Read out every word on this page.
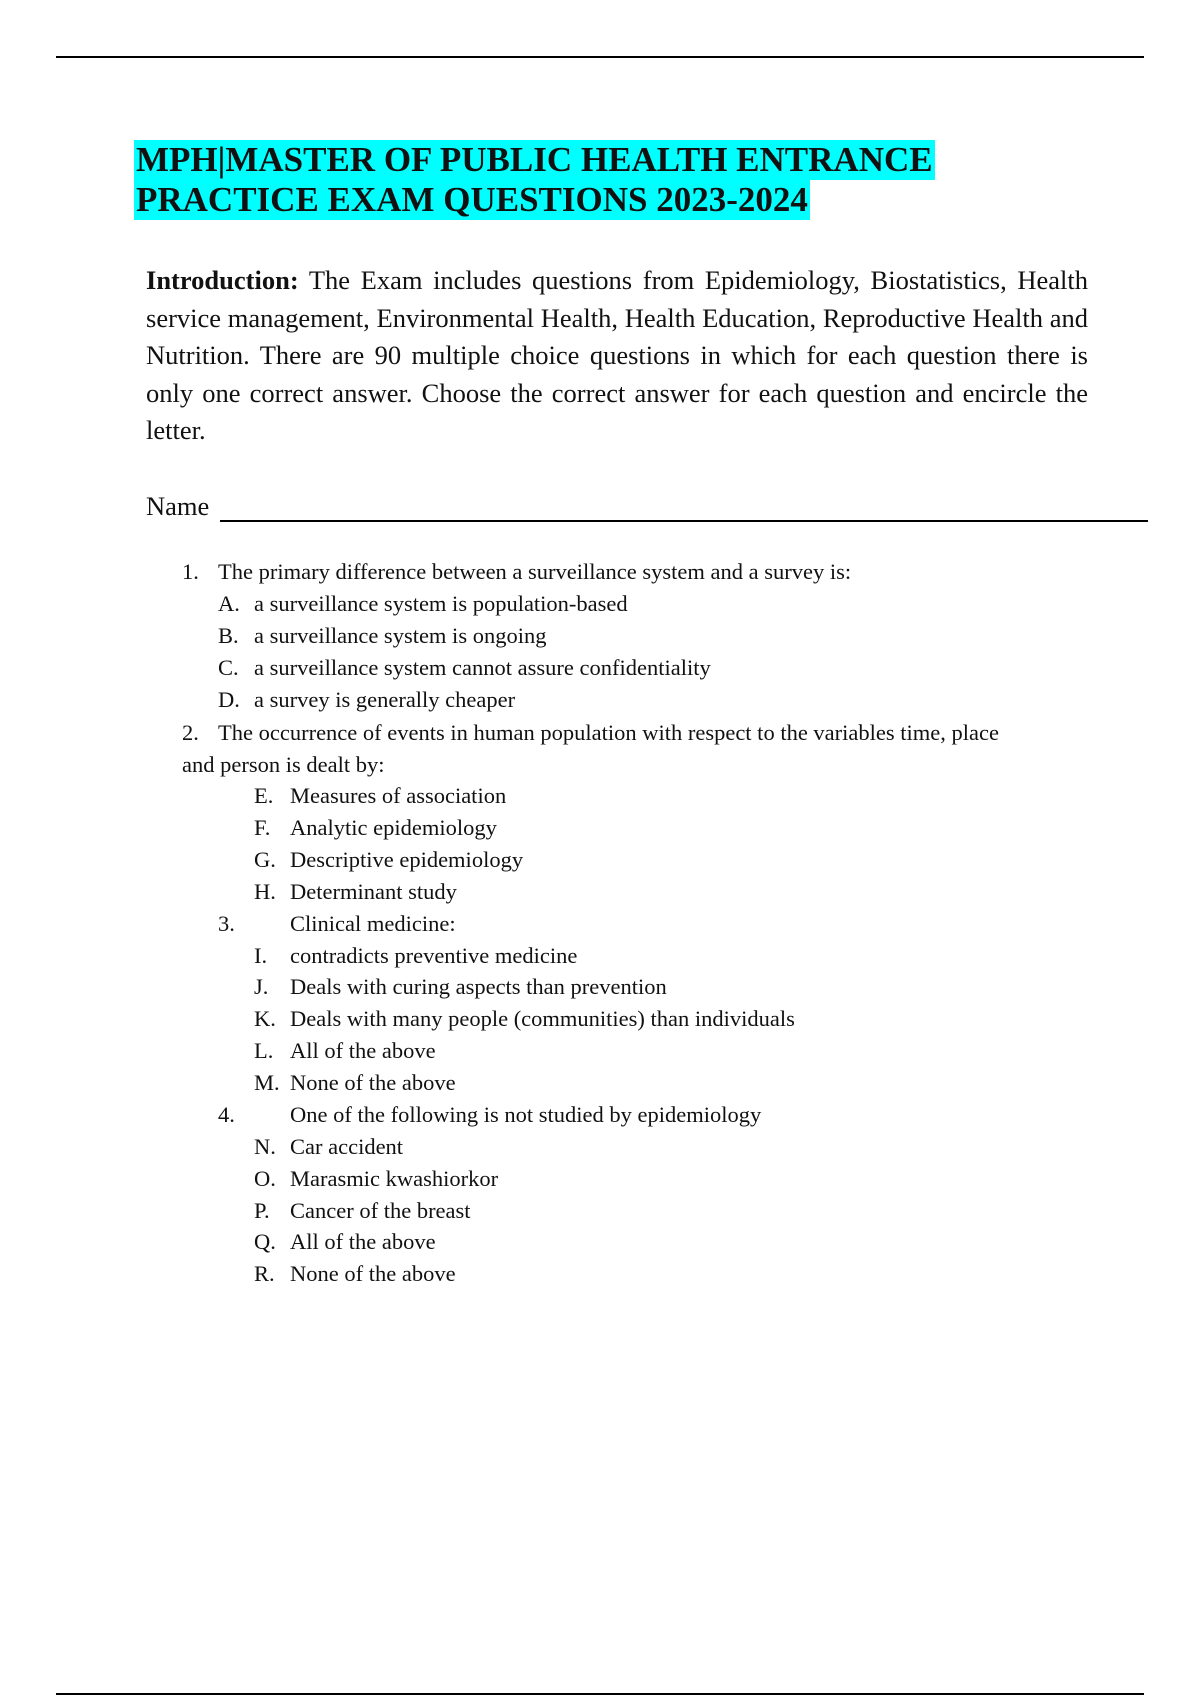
MPH|MASTER OF PUBLIC HEALTH ENTRANCE
PRACTICE EXAM QUESTIONS 2023-2024

Introduction: The Exam includes questions from Epidemiology, Biostatistics, Health service management, Environmental Health, Health Education, Reproductive Health and Nutrition. There are 90 multiple choice questions in which for each question there is only one correct answer. Choose the correct answer for each question and encircle the letter.

Name
1. The primary difference between a surveillance system and a survey is:
A. a surveillance system is population-based
B. a surveillance system is ongoing
C. a surveillance system cannot assure confidentiality
D. a survey is generally cheaper
2. The occurrence of events in human population with respect to the variables time, place
and person is dealt by:
E. Measures of association
F. Analytic epidemiology
G. Descriptive epidemiology
H. Determinant study
3. Clinical medicine:
I. contradicts preventive medicine
J. Deals with curing aspects than prevention
K. Deals with many people (communities) than individuals
L. All of the above
M. None of the above
4. One of the following is not studied by epidemiology
N. Car accident
O. Marasmic kwashiorkor
P. Cancer of the breast
Q. All of the above
R. None of the above
